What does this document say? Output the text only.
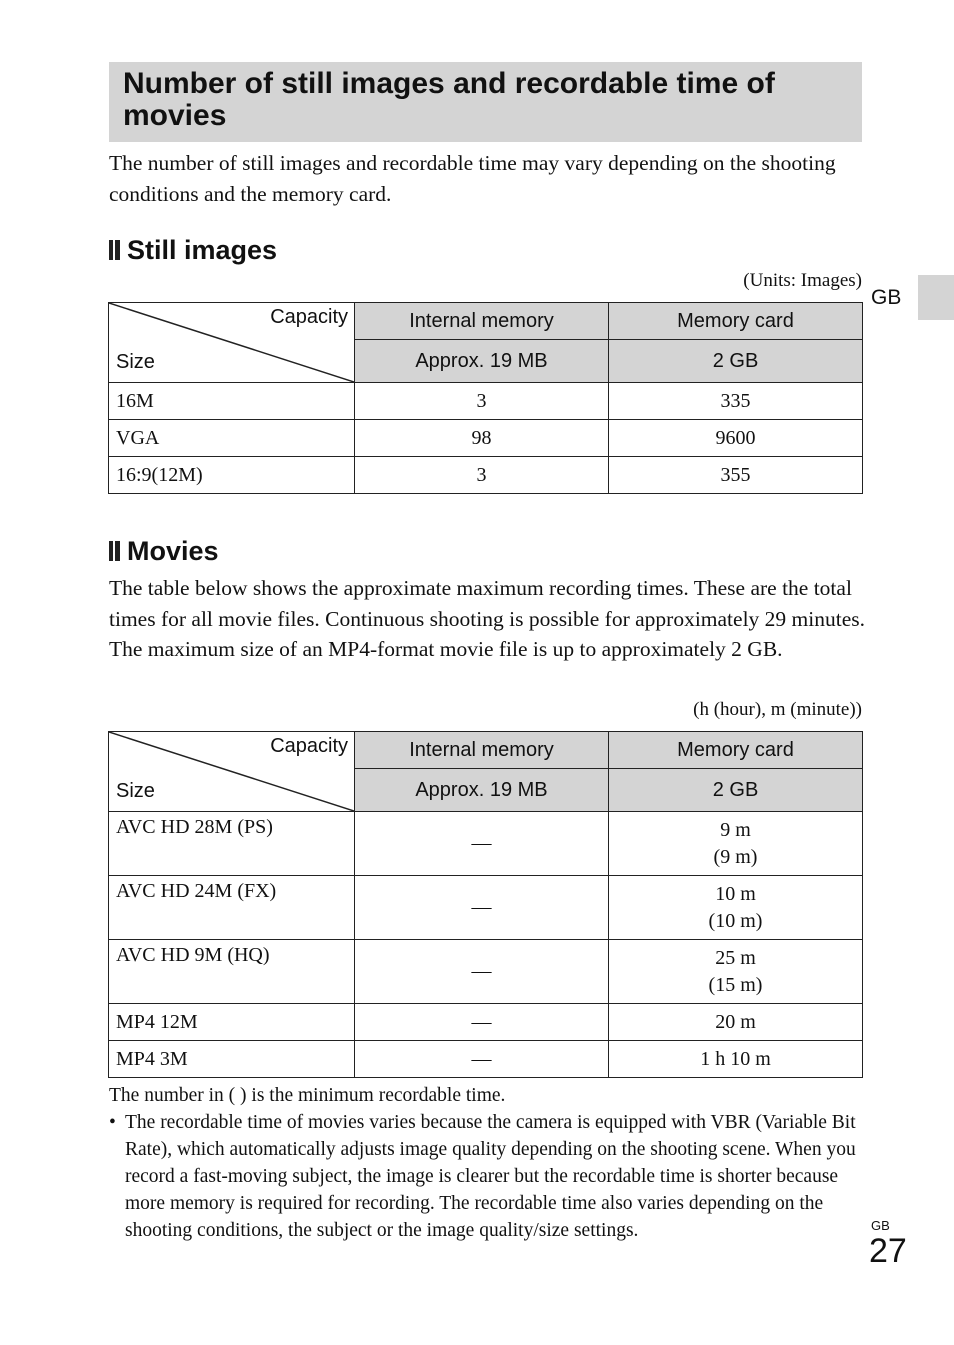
Number of still images and recordable time of movies

The number of still images and recordable time may vary depending on the shooting conditions and the memory card.

GB
Still images
(Units: Images)
Capacity
Size	Internal memory	Memory card
	Approx. 19 MB	2 GB
16M	3	335
VGA	98	9600
16:9(12M)	3	355
Movies

The table below shows the approximate maximum recording times. These are the total times for all movie files. Continuous shooting is possible for approximately 29 minutes. The maximum size of an MP4-format movie file is up to approximately 2 GB.

(h (hour), m (minute))
Capacity
Size	Internal memory	Memory card
	Approx. 19 MB	2 GB
AVC HD 28M (PS)	—	9 m
(9 m)

AVC HD 24M (FX)	—	10 m
(10 m)

AVC HD 9M (HQ)	—	25 m
(15 m)

MP4 12M	—	20 m
MP4 3M	—	1 h 10 m

The number in ( ) is the minimum recordable time.

• The recordable time of movies varies because the camera is equipped with VBR (Variable Bit Rate), which automatically adjusts image quality depending on the shooting scene. When you record a fast-moving subject, the image is clearer but the recordable time is shorter because more memory is required for recording. The recordable time also varies depending on the shooting conditions, the subject or the image quality/size settings.	GB
27
